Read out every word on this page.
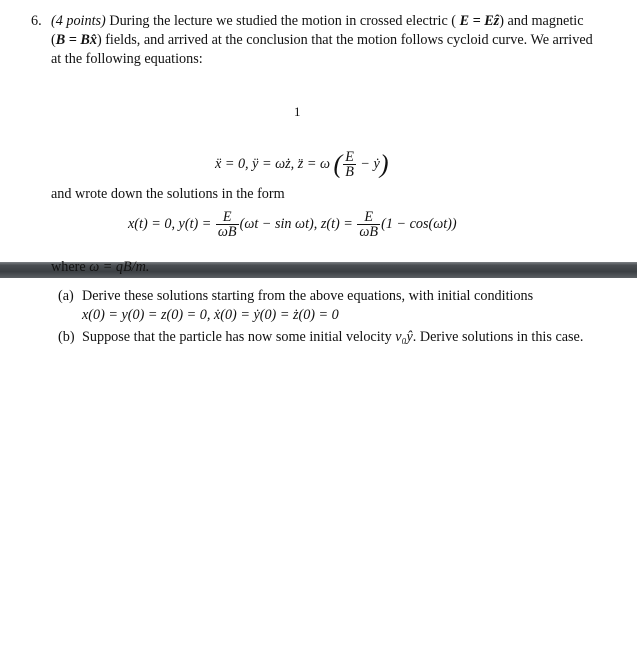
6. (4 points) During the lecture we studied the motion in crossed electric ( E = Eẑ) and magnetic (B = Bx̂) fields, and arrived at the conclusion that the motion follows cycloid curve. We arrived at the following equations:
1
ẍ = 0, ÿ = ωż, z̈ = ω ( $\frac{E}{B}$ − ẏ)
and wrote down the solutions in the form
x(t) = 0, $y(t) = \frac{E}{\omega B} (\omega t - \sin \omega t)$, $z(t) = \frac{E}{\omega B} (1 - \cos(\omega t))$
where ω = qB/m.
(a) Derive these solutions starting from the above equations, with initial conditions
x(0) = y(0) = z(0) = 0, ẋ(0) = ẏ(0) = ż(0) = 0
(b) Suppose that the particle has now some initial velocity v₀ŷ. Derive solutions in this case.
